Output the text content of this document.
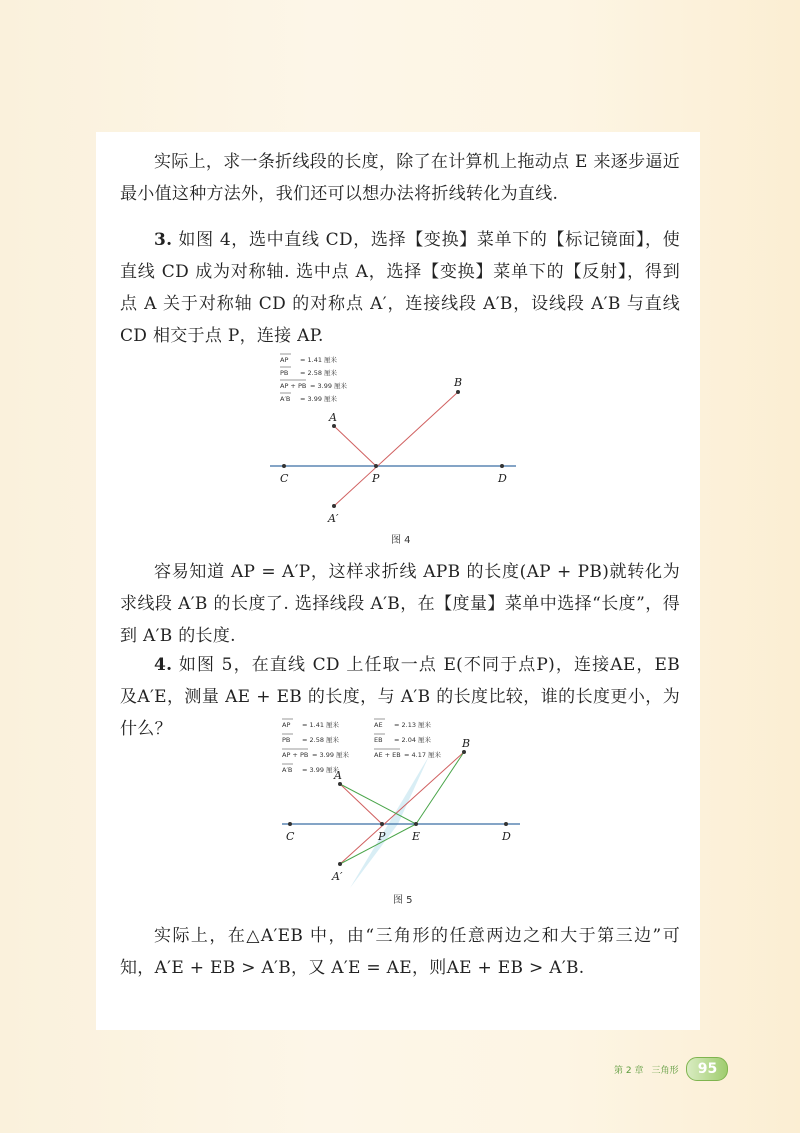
实际上，求一条折线段的长度，除了在计算机上拖动点 E 来逐步逼近最小值这种方法外，我们还可以想办法将折线转化为直线.

3. 如图 4，选中直线 CD，选择【变换】菜单下的【标记镜面】，使直线 CD 成为对称轴. 选中点 A，选择【变换】菜单下的【反射】，得到点 A 关于对称轴 CD 的对称点 A′，连接线段 A′B，设线段 A′B 与直线 CD 相交于点 P，连接 AP.

AP = 1.41 厘米
PB = 2.58 厘米
AP + PB = 3.99 厘米
A′B = 3.99 厘米
A
B
C	P	D
A′
图 4

容易知道 AP = A′P，这样求折线 APB 的长度(AP + PB)就转化为求线段 A′B 的长度了. 选择线段 A′B，在【度量】菜单中选择“长度”，得到 A′B 的长度.

4. 如图 5，在直线 CD 上任取一点 E(不同于点P)，连接AE，EB 及A′E，测量 AE + EB 的长度，与 A′B 的长度比较，谁的长度更小，为什么？	AP = 1.41 厘米
PB = 2.58 厘米
AP + PB = 3.99 厘米
A′B = 3.99 厘米
AE = 2.13 厘米
EB = 2.04 厘米
AE + EB = 4.17 厘米
A
B
C	P E	D
A′
图 5

实际上，在△A′EB 中，由“三角形的任意两边之和大于第三边”可知，A′E + EB > A′B，又 A′E = AE，则AE + EB > A′B.

第 2 章 三角形	95
